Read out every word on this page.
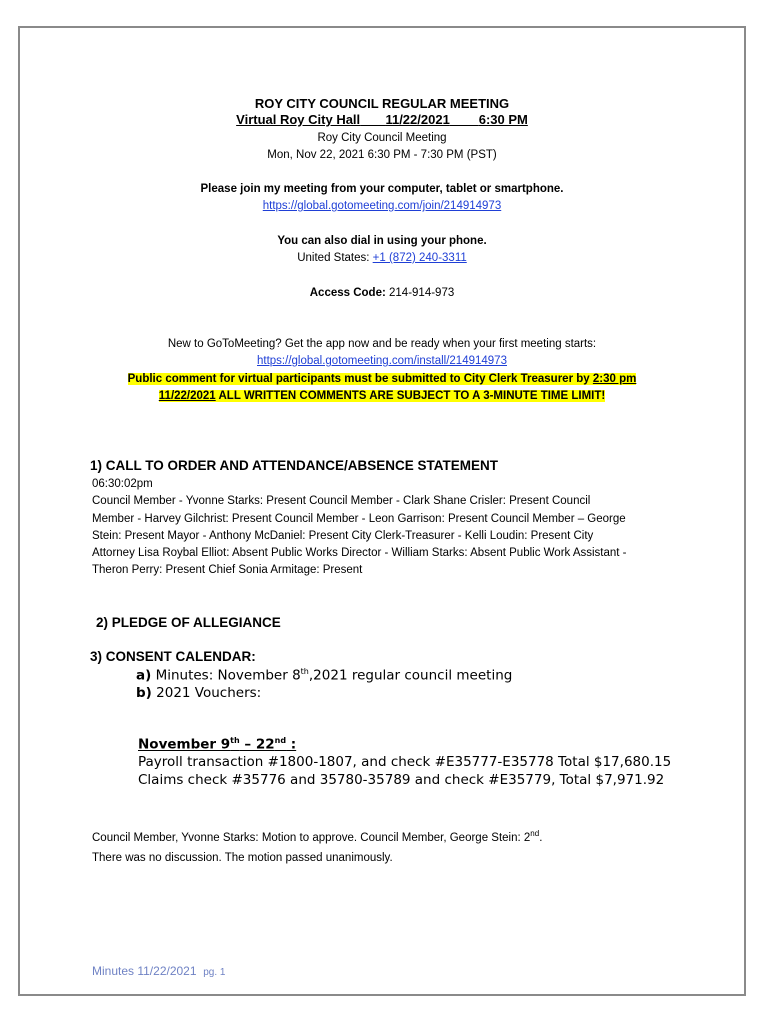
ROY CITY COUNCIL REGULAR MEETING
Virtual Roy City Hall 11/22/2021 6:30 PM
Roy City Council Meeting
Mon, Nov 22, 2021 6:30 PM - 7:30 PM (PST)
Please join my meeting from your computer, tablet or smartphone.
https://global.gotomeeting.com/join/214914973
You can also dial in using your phone.
United States: +1 (872) 240-3311
Access Code: 214-914-973
New to GoToMeeting? Get the app now and be ready when your first meeting starts:
https://global.gotomeeting.com/install/214914973
Public comment for virtual participants must be submitted to City Clerk Treasurer by 2:30 pm
11/22/2021 ALL WRITTEN COMMENTS ARE SUBJECT TO A 3-MINUTE TIME LIMIT!
1) CALL TO ORDER AND ATTENDANCE/ABSENCE STATEMENT
06:30:02pm
Council Member - Yvonne Starks: Present Council Member - Clark Shane Crisler: Present Council
Member - Harvey Gilchrist: Present Council Member - Leon Garrison: Present Council Member – George
Stein: Present Mayor - Anthony McDaniel: Present City Clerk-Treasurer - Kelli Loudin: Present City
Attorney Lisa Roybal Elliot: Absent Public Works Director - William Starks: Absent Public Work Assistant -
Theron Perry: Present Chief Sonia Armitage: Present
2) PLEDGE OF ALLEGIANCE
3) CONSENT CALENDAR:
a) Minutes: November 8th,2021 regular council meeting
b) 2021 Vouchers:
November 9th – 22nd :
Payroll transaction #1800-1807, and check #E35777-E35778 Total $17,680.15
Claims check #35776 and 35780-35789 and check #E35779, Total $7,971.92
Council Member, Yvonne Starks: Motion to approve. Council Member, George Stein: 2nd.
There was no discussion. The motion passed unanimously.
Minutes 11/22/2021 pg. 1
